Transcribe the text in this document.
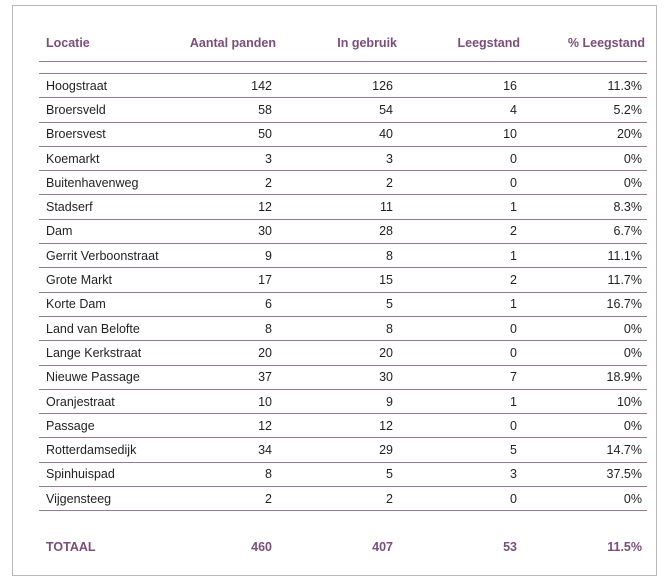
Locatie	Aantal panden	In gebruik	Leegstand	% Leegstand
Hoogstraat	142	126	16	11.3%
Broersveld	58	54	4	5.2%
Broersvest	50	40	10	20%
Koemarkt	3	3	0	0%
Buitenhavenweg	2	2	0	0%
Stadserf	12	11	1	8.3%
Dam	30	28	2	6.7%
Gerrit Verboonstraat	9	8	1	11.1%
Grote Markt	17	15	2	11.7%
Korte Dam	6	5	1	16.7%
Land van Belofte	8	8	0	0%
Lange Kerkstraat	20	20	0	0%
Nieuwe Passage	37	30	7	18.9%
Oranjestraat	10	9	1	10%
Passage	12	12	0	0%
Rotterdamsedijk	34	29	5	14.7%
Spinhuispad	8	5	3	37.5%
Vijgensteeg	2	2	0	0%
TOTAAL	460	407	53	11.5%
